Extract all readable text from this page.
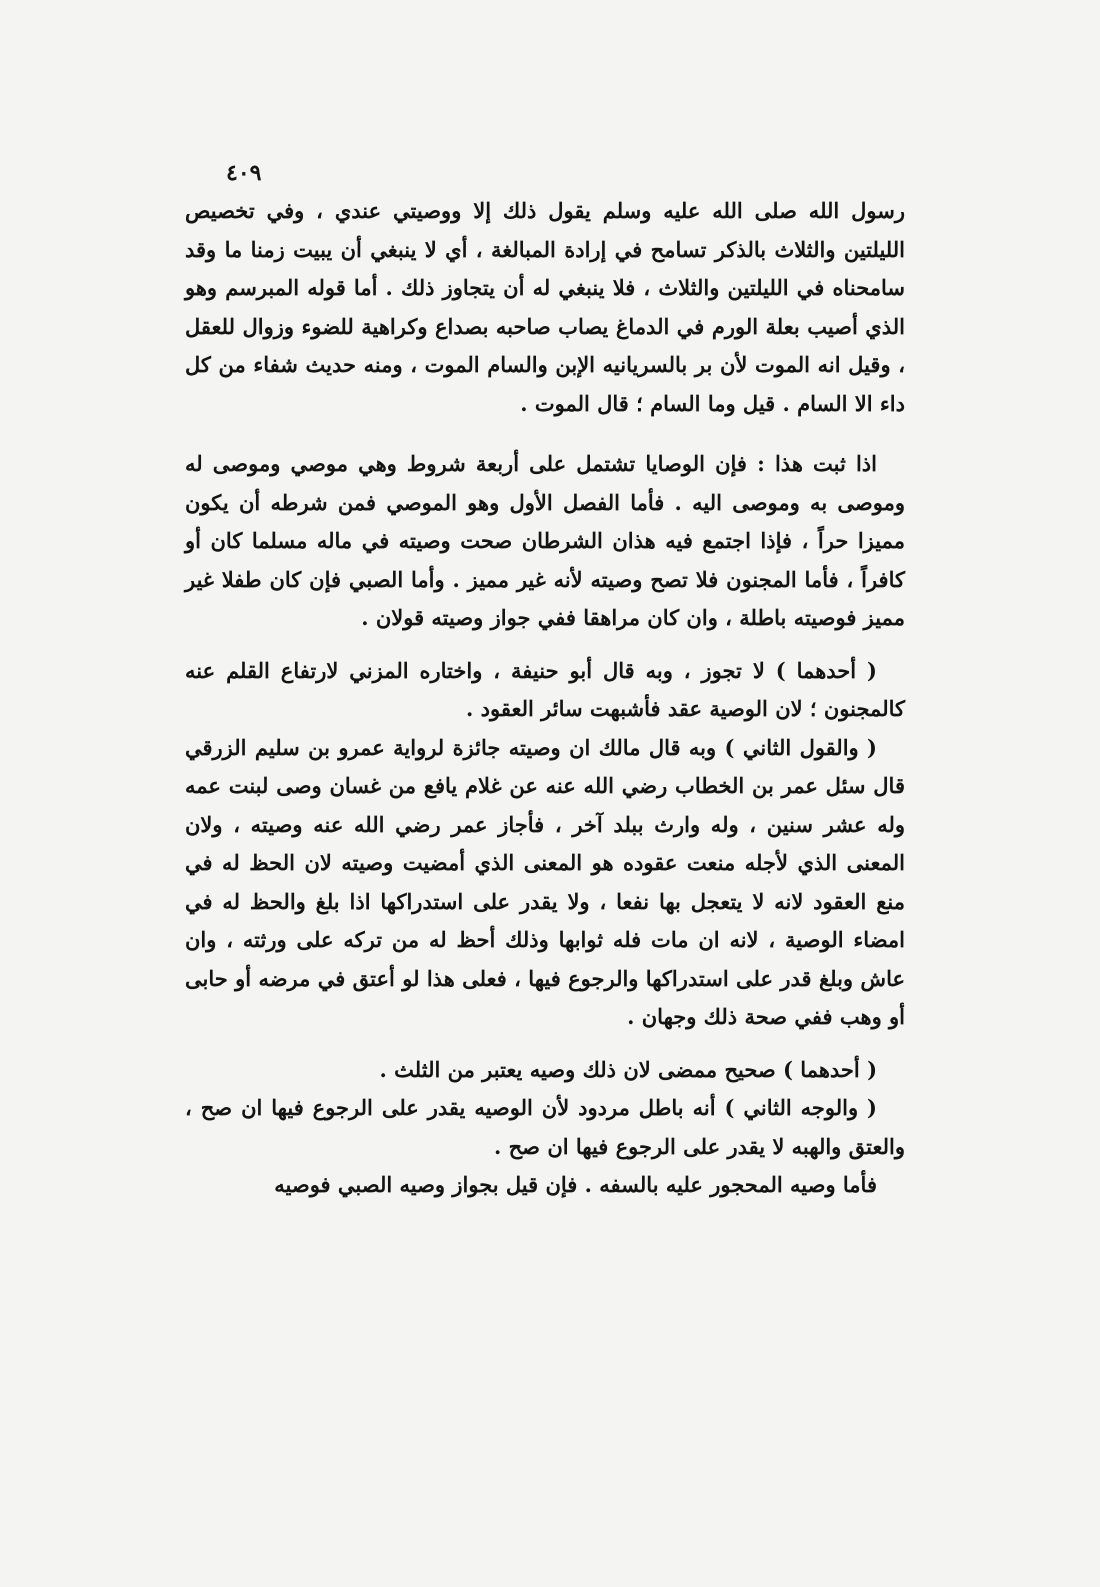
٤٠٩

رسول الله صلى الله عليه وسلم يقول ذلك إلا ووصيتي عندي ، وفي تخصيص الليلتين والثلاث بالذكر تسامح في إرادة المبالغة ، أي لا ينبغي أن يبيت زمنا ما وقد سامحناه في الليلتين والثلاث ، فلا ينبغي له أن يتجاوز ذلك . أما قوله المبرسم وهو الذي أصيب بعلة الورم في الدماغ يصاب صاحبه بصداع وكراهية للضوء وزوال للعقل ، وقيل انه الموت لأن بر بالسريانيه الإبن والسام الموت ، ومنه حديث شفاء من كل داء الا السام . قيل وما السام ؛ قال الموت .

اذا ثبت هذا : فإن الوصايا تشتمل على أربعة شروط وهي موصي وموصى له وموصى به وموصى اليه . فأما الفصل الأول وهو الموصي فمن شرطه أن يكون مميزا حراً ، فإذا اجتمع فيه هذان الشرطان صحت وصيته في ماله مسلما كان أو كافراً ، فأما المجنون فلا تصح وصيته لأنه غير مميز . وأما الصبي فإن كان طفلا غير مميز فوصيته باطلة ، وان كان مراهقا ففي جواز وصيته قولان .

( أحدهما ) لا تجوز ، وبه قال أبو حنيفة ، واختاره المزني لارتفاع القلم عنه كالمجنون ؛ لان الوصية عقد فأشبهت سائر العقود .

( والقول الثاني ) وبه قال مالك ان وصيته جائزة لرواية عمرو بن سليم الزرقي قال سئل عمر بن الخطاب رضي الله عنه عن غلام يافع من غسان وصى لبنت عمه وله عشر سنين ، وله وارث ببلد آخر ، فأجاز عمر رضي الله عنه وصيته ، ولان المعنى الذي لأجله منعت عقوده هو المعنى الذي أمضيت وصيته لان الحظ له في منع العقود لانه لا يتعجل بها نفعا ، ولا يقدر على استدراكها اذا بلغ والحظ له في امضاء الوصية ، لانه ان مات فله ثوابها وذلك أحظ له من تركه على ورثته ، وان عاش وبلغ قدر على استدراكها والرجوع فيها ، فعلى هذا لو أعتق في مرضه أو حابى أو وهب ففي صحة ذلك وجهان .

( أحدهما ) صحيح ممضى لان ذلك وصيه يعتبر من الثلث .

( والوجه الثاني ) أنه باطل مردود لأن الوصيه يقدر على الرجوع فيها ان صح ، والعتق والهبه لا يقدر على الرجوع فيها ان صح .

فأما وصيه المحجور عليه بالسفه . فإن قيل بجواز وصيه الصبي فوصيه
